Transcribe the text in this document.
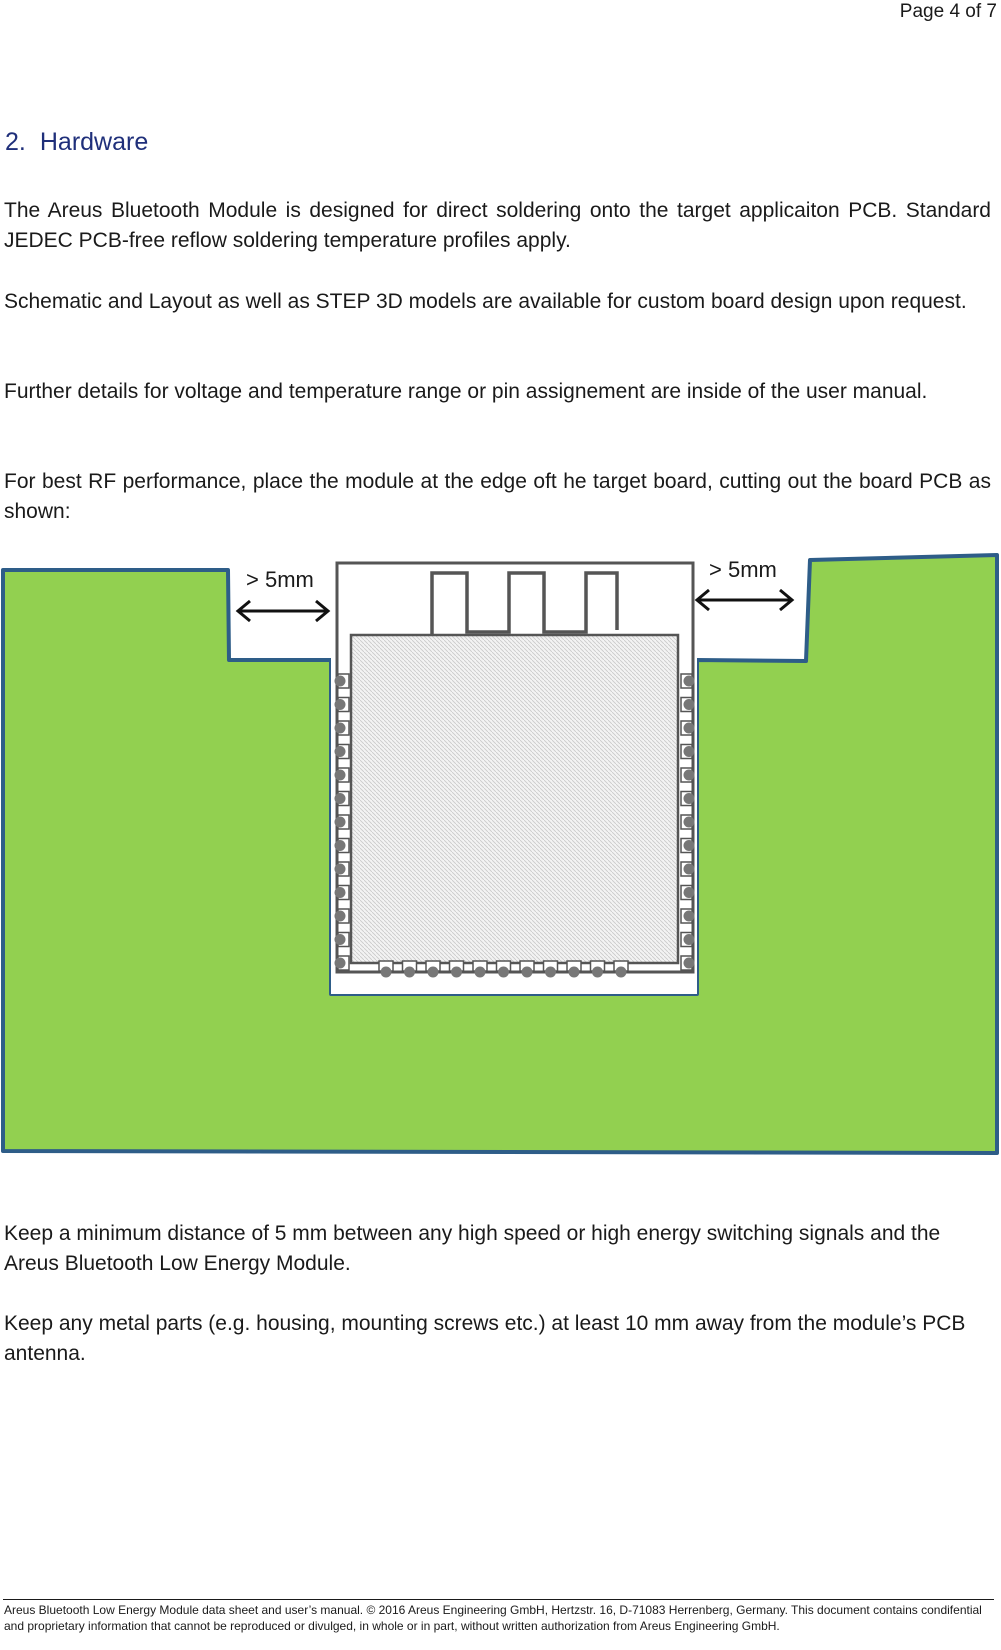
Page 4 of 7
2. Hardware

The Areus Bluetooth Module is designed for direct soldering onto the target applicaiton PCB. Standard JEDEC PCB-free reflow soldering temperature profiles apply.

Schematic and Layout as well as STEP 3D models are available for custom board design upon request.

Further details for voltage and temperature range or pin assignement are inside of the user manual.

For best RF performance, place the module at the edge oft he target board, cutting out the board PCB as shown:

> 5mm	> 5mm

Keep a minimum distance of 5 mm between any high speed or high energy switching signals and the Areus Bluetooth Low Energy Module.

Keep any metal parts (e.g. housing, mounting screws etc.) at least 10 mm away from the module’s PCB antenna.

Areus Bluetooth Low Energy Module data sheet and user’s manual. © 2016 Areus Engineering GmbH, Hertzstr. 16, D-71083 Herrenberg, Germany. This document contains condifential and proprietary information that cannot be reproduced or divulged, in whole or in part, without written authorization from Areus Engineering GmbH.
